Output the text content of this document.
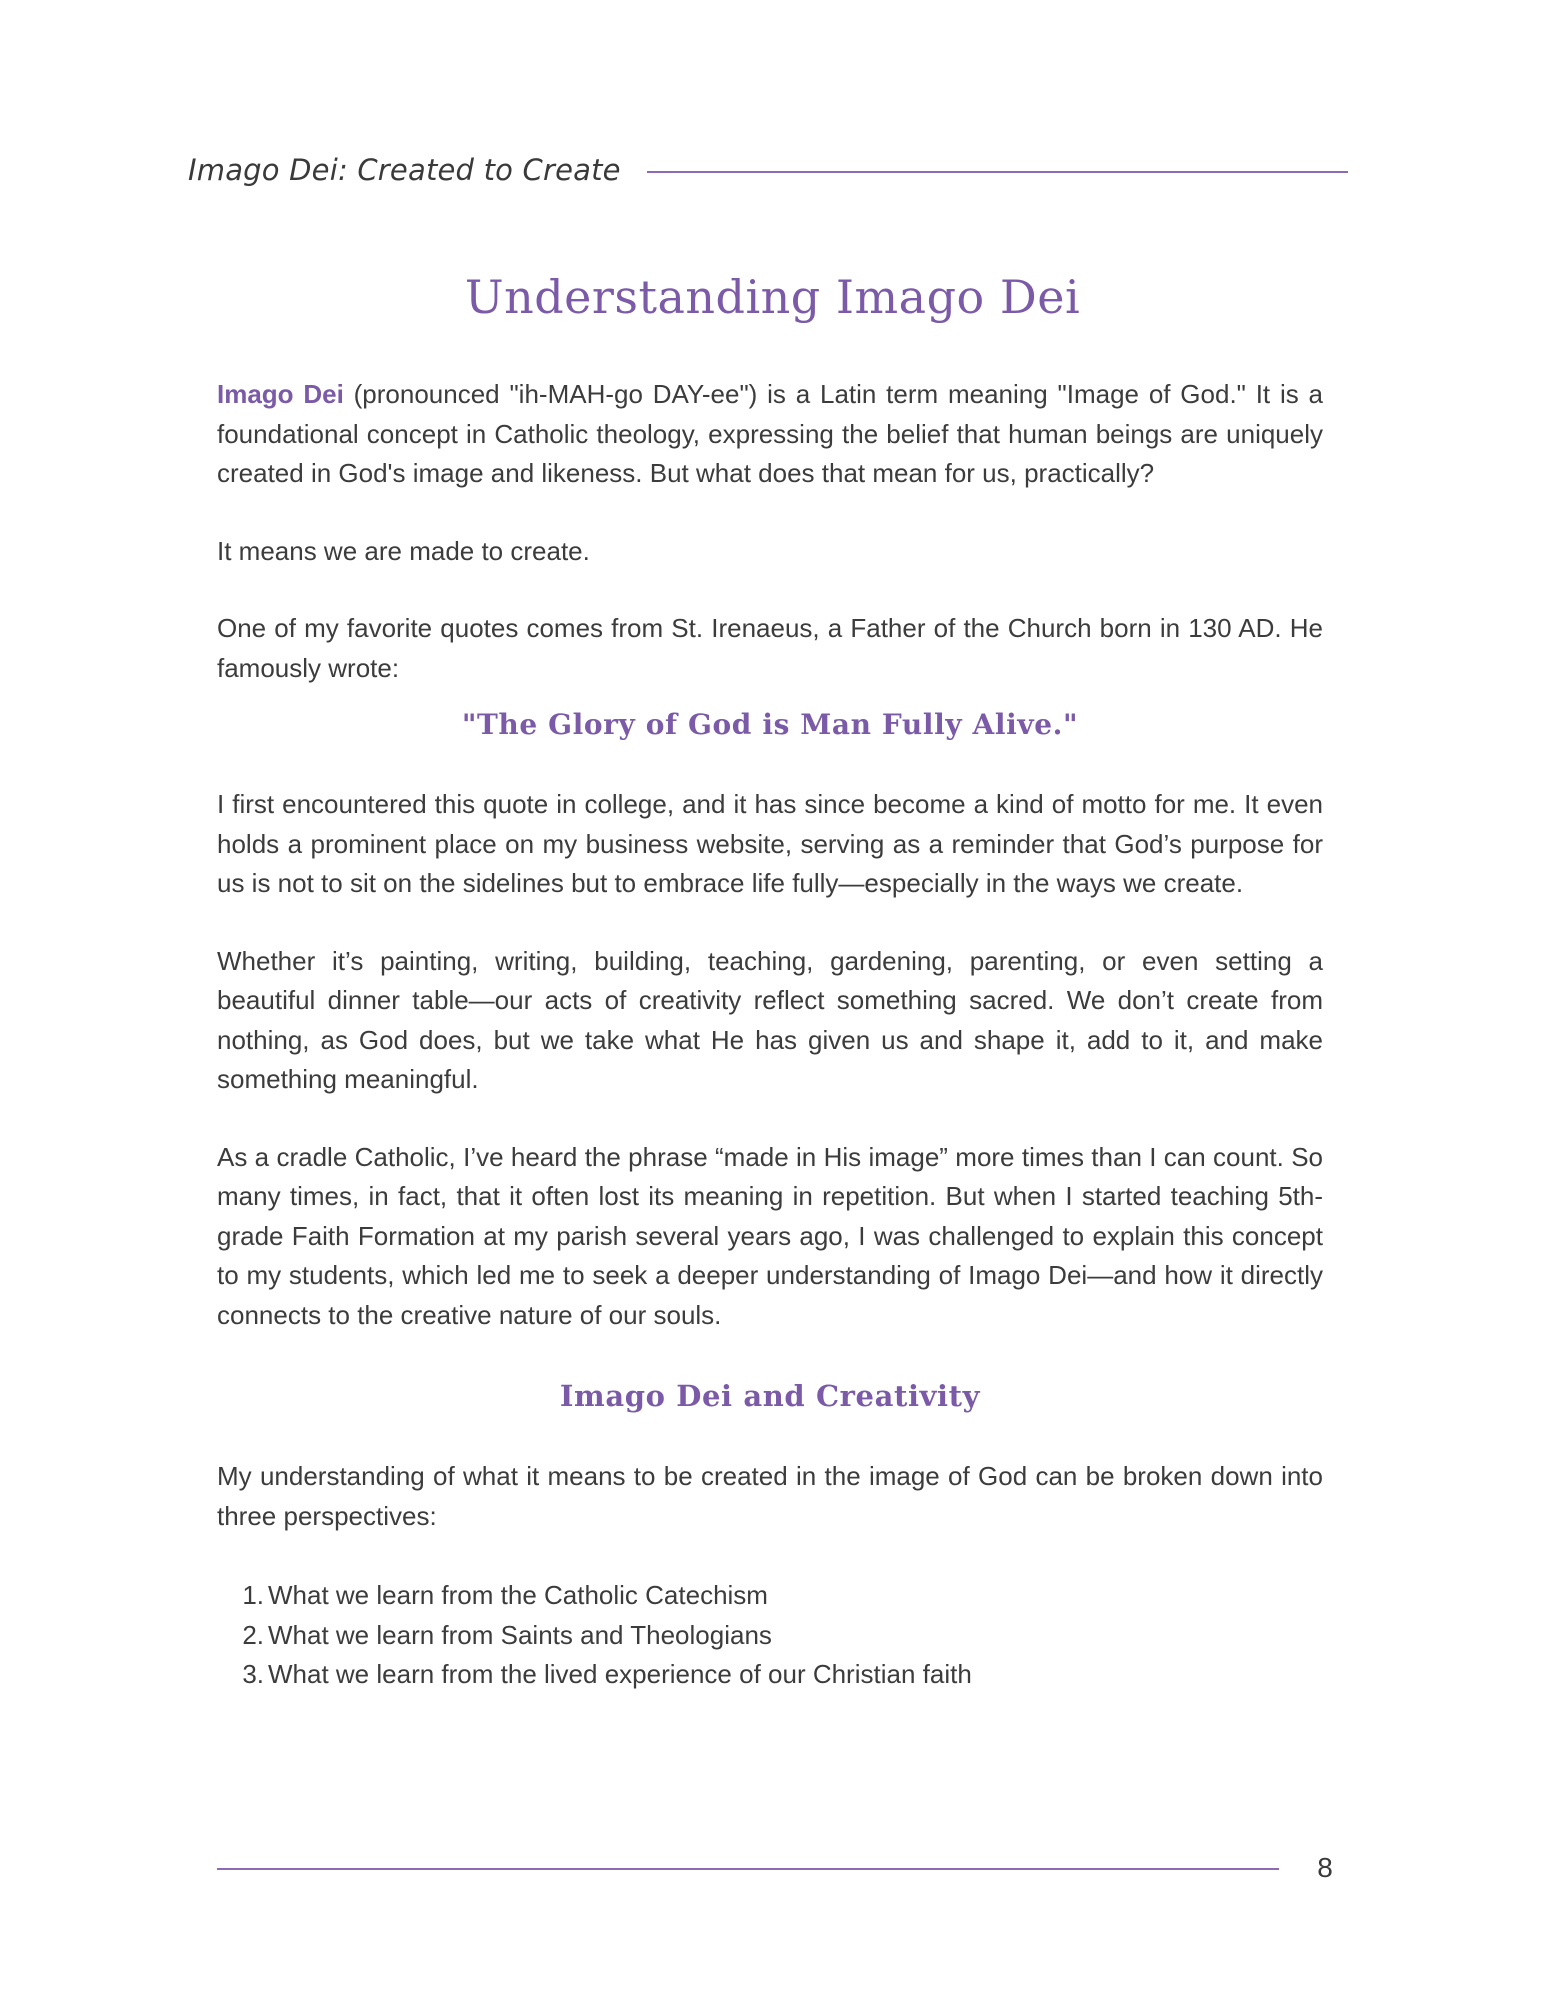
Imago Dei: Created to Create
Understanding Imago Dei

Imago Dei (pronounced "ih-MAH-go DAY-ee") is a Latin term meaning "Image of God." It is a foundational concept in Catholic theology, expressing the belief that human beings are uniquely created in God's image and likeness. But what does that mean for us, practically?

It means we are made to create.

One of my favorite quotes comes from St. Irenaeus, a Father of the Church born in 130 AD. He famously wrote:

"The Glory of God is Man Fully Alive."

I first encountered this quote in college, and it has since become a kind of motto for me. It even holds a prominent place on my business website, serving as a reminder that God’s purpose for us is not to sit on the sidelines but to embrace life fully—especially in the ways we create.

Whether it’s painting, writing, building, teaching, gardening, parenting, or even setting a beautiful dinner table—our acts of creativity reflect something sacred. We don’t create from nothing, as God does, but we take what He has given us and shape it, add to it, and make something meaningful.

As a cradle Catholic, I’ve heard the phrase “made in His image” more times than I can count. So many times, in fact, that it often lost its meaning in repetition. But when I started teaching 5th-grade Faith Formation at my parish several years ago, I was challenged to explain this concept to my students, which led me to seek a deeper understanding of Imago Dei—and how it directly connects to the creative nature of our souls.

Imago Dei and Creativity

My understanding of what it means to be created in the image of God can be broken down into three perspectives:

1. What we learn from the Catholic Catechism
2. What we learn from Saints and Theologians
3. What we learn from the lived experience of our Christian faith
8
